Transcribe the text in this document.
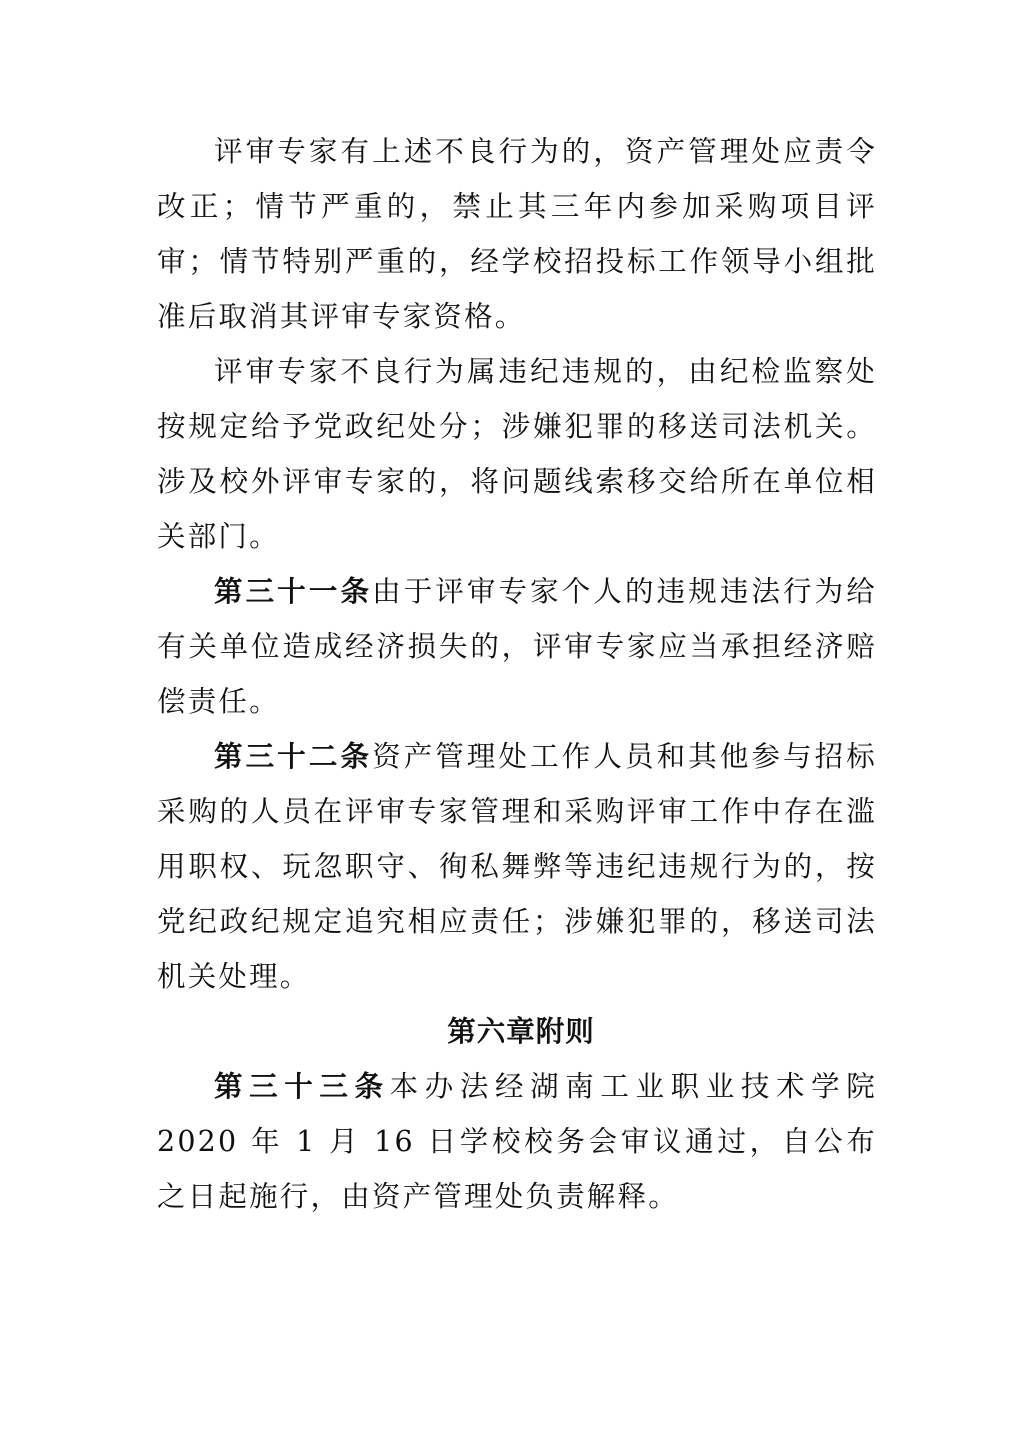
评审专家有上述不良行为的，资产管理处应责令改正；情节严重的，禁止其三年内参加采购项目评审；情节特别严重的，经学校招投标工作领导小组批准后取消其评审专家资格。

评审专家不良行为属违纪违规的，由纪检监察处按规定给予党政纪处分；涉嫌犯罪的移送司法机关。涉及校外评审专家的，将问题线索移交给所在单位相关部门。

第三十一条由于评审专家个人的违规违法行为给有关单位造成经济损失的，评审专家应当承担经济赔偿责任。

第三十二条资产管理处工作人员和其他参与招标采购的人员在评审专家管理和采购评审工作中存在滥用职权、玩忽职守、徇私舞弊等违纪违规行为的，按党纪政纪规定追究相应责任；涉嫌犯罪的，移送司法机关处理。

第六章附则

第三十三条本办法经湖南工业职业技术学院 2020 年 1 月 16 日学校校务会审议通过，自公布之日起施行，由资产管理处负责解释。
